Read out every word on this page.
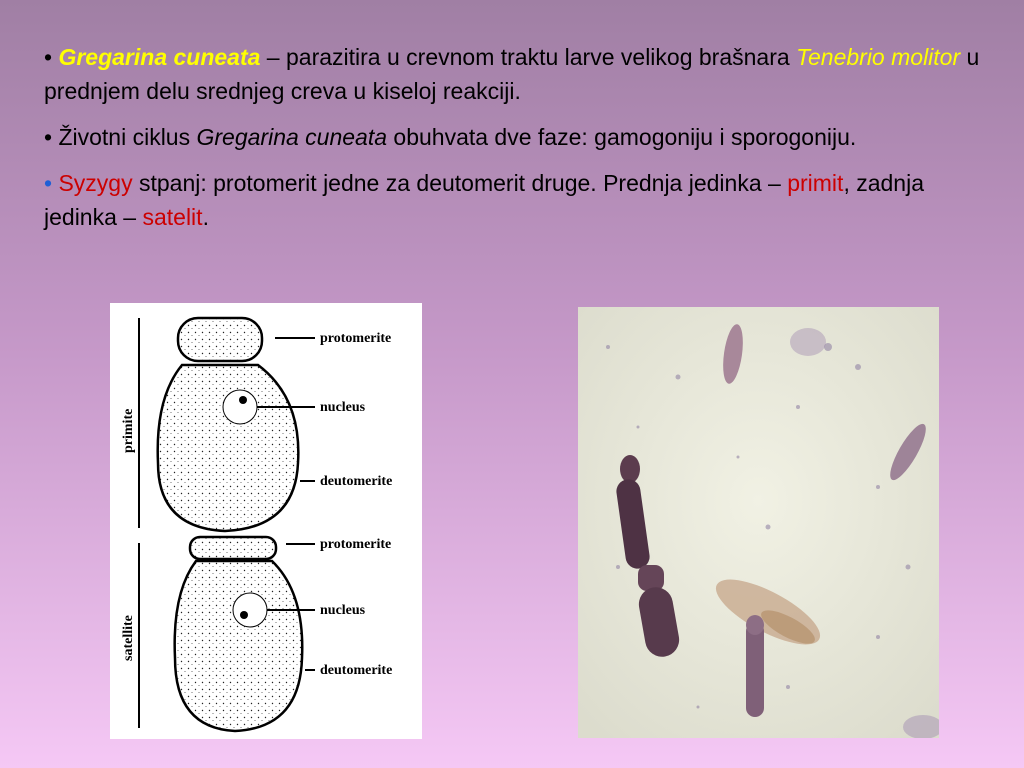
• Gregarina cuneata – parazitira u crevnom traktu larve velikog brašnara Tenebrio molitor u prednjem delu srednjeg creva u kiseloj reakciji.

• Životni ciklus Gregarina cuneata obuhvata dve faze: gamogoniju i sporogoniju.

• Syzygy stpanj: protomerit jedne za deutomerit druge. Prednja jedinka – primit, zadnja jedinka – satelit.

primite
satellite
protomerite
nucleus
deutomerite
protomerite
nucleus
deutomerite
